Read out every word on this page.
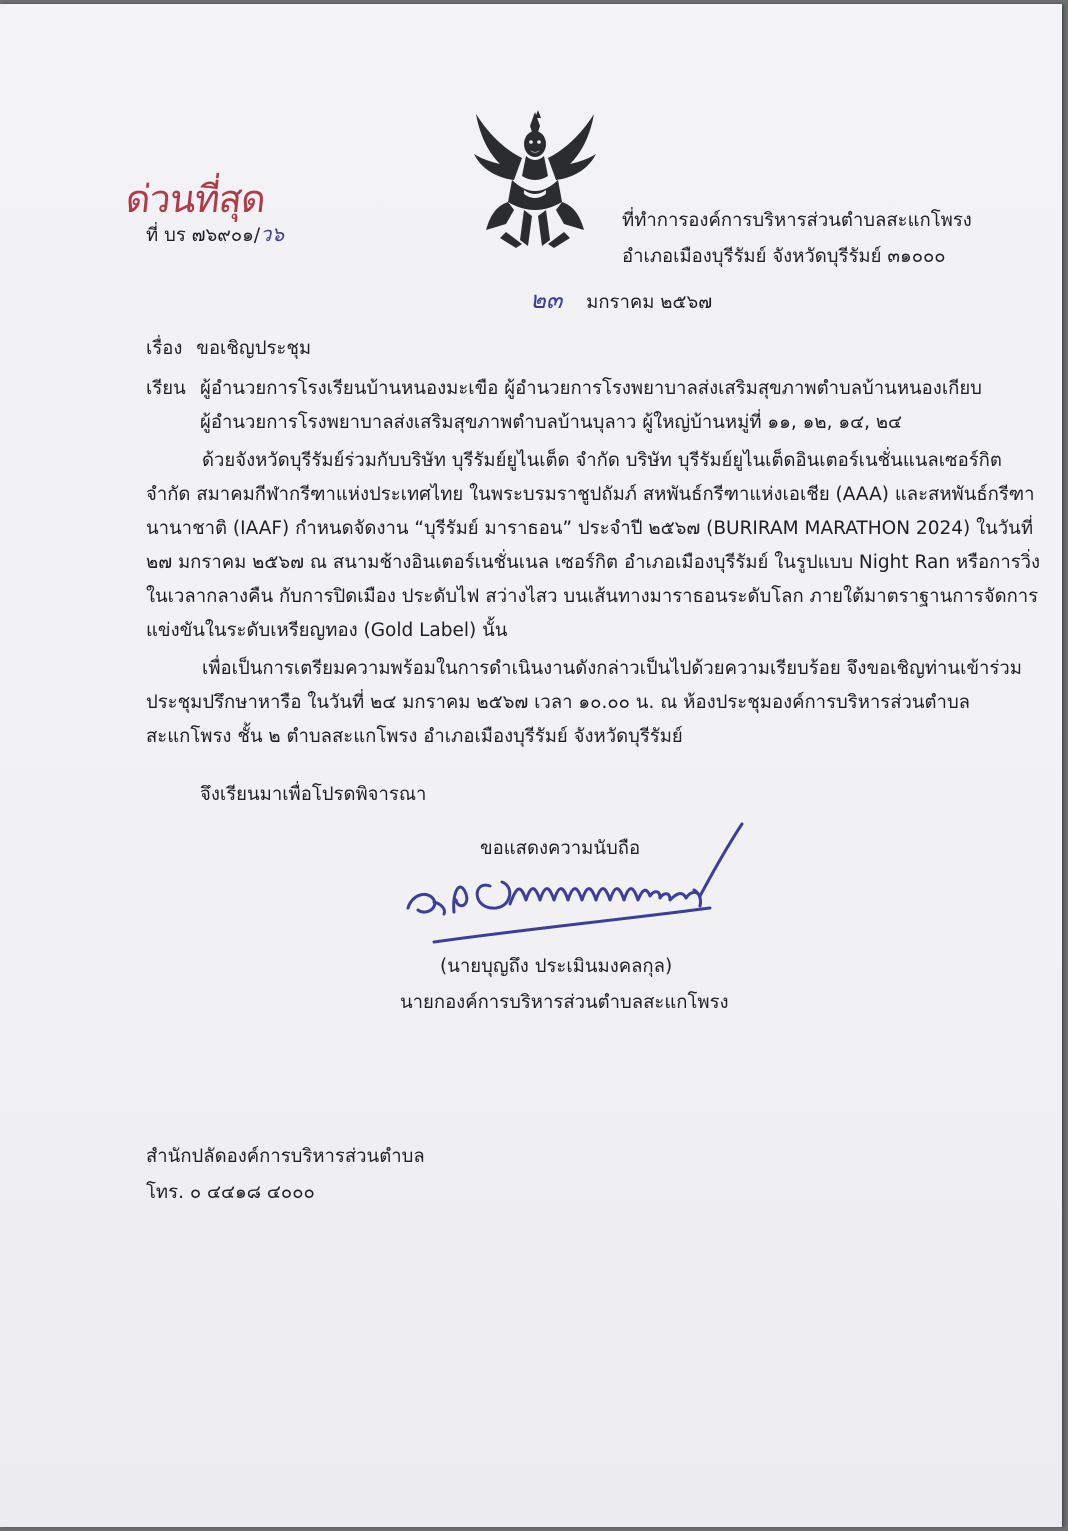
ด่วนที่สุด
ที่ บร ๗๖๙๐๑/ว๖
ที่ทำการองค์การบริหารส่วนตำบลสะแกโพรง
อำเภอเมืองบุรีรัมย์ จังหวัดบุรีรัมย์ ๓๑๐๐๐
๒๓ มกราคม ๒๕๖๗
เรื่อง ขอเชิญประชุม
เรียน ผู้อำนวยการโรงเรียนบ้านหนองมะเขือ ผู้อำนวยการโรงพยาบาลส่งเสริมสุขภาพตำบลบ้านหนองเกียบ
ผู้อำนวยการโรงพยาบาลส่งเสริมสุขภาพตำบลบ้านบุลาว ผู้ใหญ่บ้านหมู่ที่ ๑๑, ๑๒, ๑๔, ๒๔
ด้วยจังหวัดบุรีรัมย์ร่วมกับบริษัท บุรีรัมย์ยูไนเต็ด จำกัด บริษัท บุรีรัมย์ยูไนเต็ดอินเตอร์เนชั่นแนลเซอร์กิต
จำกัด สมาคมกีฬากรีฑาแห่งประเทศไทย ในพระบรมราชูปถัมภ์ สหพันธ์กรีฑาแห่งเอเชีย (AAA) และสหพันธ์กรีฑา
นานาชาติ (IAAF) กำหนดจัดงาน “บุรีรัมย์ มาราธอน” ประจำปี ๒๕๖๗ (BURIRAM MARATHON 2024) ในวันที่
๒๗ มกราคม ๒๕๖๗ ณ สนามช้างอินเตอร์เนชั่นเนล เซอร์กิต อำเภอเมืองบุรีรัมย์ ในรูปแบบ Night Ran หรือการวิ่ง
ในเวลากลางคืน กับการปิดเมือง ประดับไฟ สว่างไสว บนเส้นทางมาราธอนระดับโลก ภายใต้มาตราฐานการจัดการ
แข่งขันในระดับเหรียญทอง (Gold Label) นั้น
เพื่อเป็นการเตรียมความพร้อมในการดำเนินงานดังกล่าวเป็นไปด้วยความเรียบร้อย จึงขอเชิญท่านเข้าร่วม
ประชุมปรึกษาหารือ ในวันที่ ๒๔ มกราคม ๒๕๖๗ เวลา ๑๐.๐๐ น. ณ ห้องประชุมองค์การบริหารส่วนตำบล
สะแกโพรง ชั้น ๒ ตำบลสะแกโพรง อำเภอเมืองบุรีรัมย์ จังหวัดบุรีรัมย์
จึงเรียนมาเพื่อโปรดพิจารณา
ขอแสดงความนับถือ
(นายบุญถึง ประเมินมงคลกุล)
นายกองค์การบริหารส่วนตำบลสะแกโพรง
สำนักปลัดองค์การบริหารส่วนตำบล
โทร. ๐ ๔๔๑๘ ๔๐๐๐
